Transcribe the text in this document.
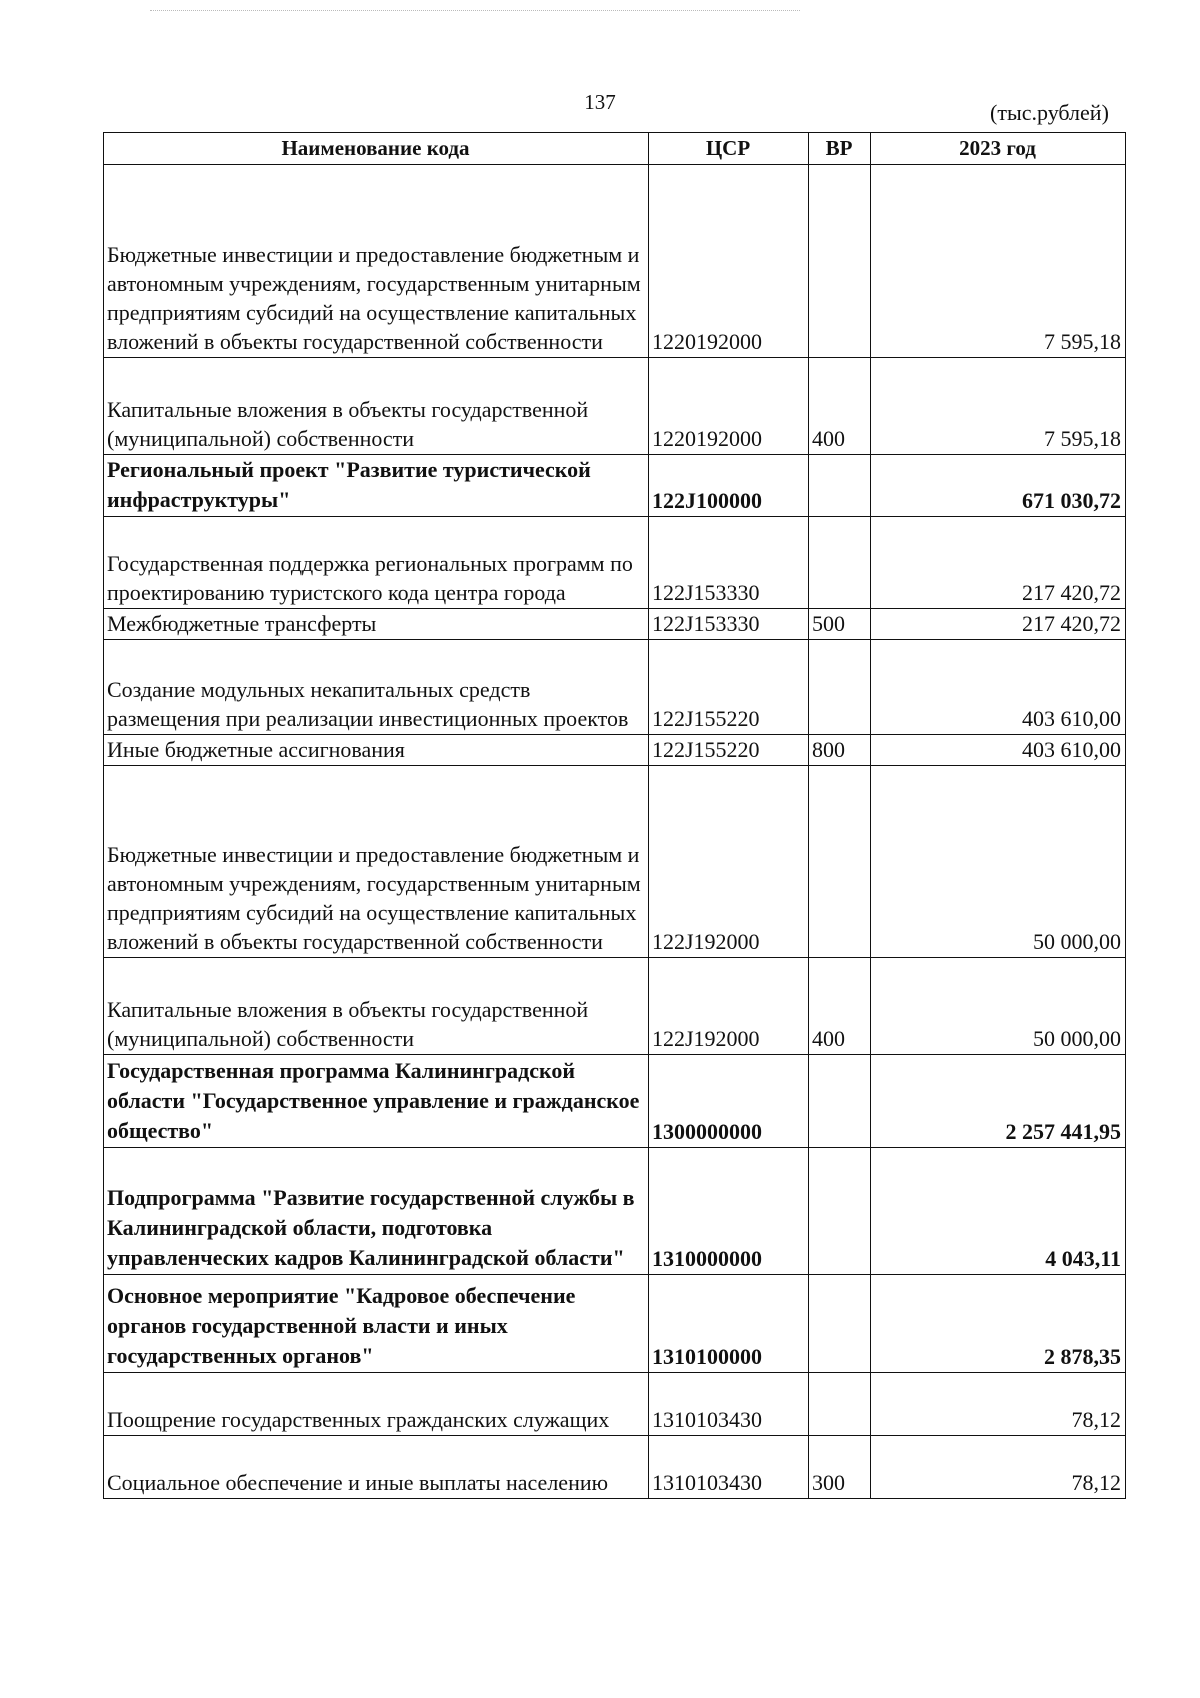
137	(тыс.рублей)
Наименование кода	ЦСР	ВР	2023 год
Бюджетные инвестиции и предоставление бюджетным и автономным учреждениям, государственным унитарным предприятиям субсидий на осуществление капитальных вложений в объекты государственной собственности	1220192000		7 595,18
Капитальные вложения в объекты государственной (муниципальной) собственности	1220192000	400	7 595,18
Региональный проект "Развитие туристической инфраструктуры"	122J100000		671 030,72
Государственная поддержка региональных программ по проектированию туристского кода центра города	122J153330		217 420,72
Межбюджетные трансферты	122J153330	500	217 420,72
Создание модульных некапитальных средств размещения при реализации инвестиционных проектов	122J155220		403 610,00
Иные бюджетные ассигнования	122J155220	800	403 610,00
Бюджетные инвестиции и предоставление бюджетным и автономным учреждениям, государственным унитарным предприятиям субсидий на осуществление капитальных вложений в объекты государственной собственности	122J192000		50 000,00
Капитальные вложения в объекты государственной (муниципальной) собственности	122J192000	400	50 000,00
Государственная программа Калининградской области "Государственное управление и гражданское общество"	1300000000		2 257 441,95
Подпрограмма "Развитие государственной службы в Калининградской области, подготовка управленческих кадров Калининградской области"	1310000000		4 043,11
Основное мероприятие "Кадровое обеспечение органов государственной власти и иных государственных органов"	1310100000		2 878,35
Поощрение государственных гражданских служащих	1310103430		78,12
Социальное обеспечение и иные выплаты населению	1310103430	300	78,12
